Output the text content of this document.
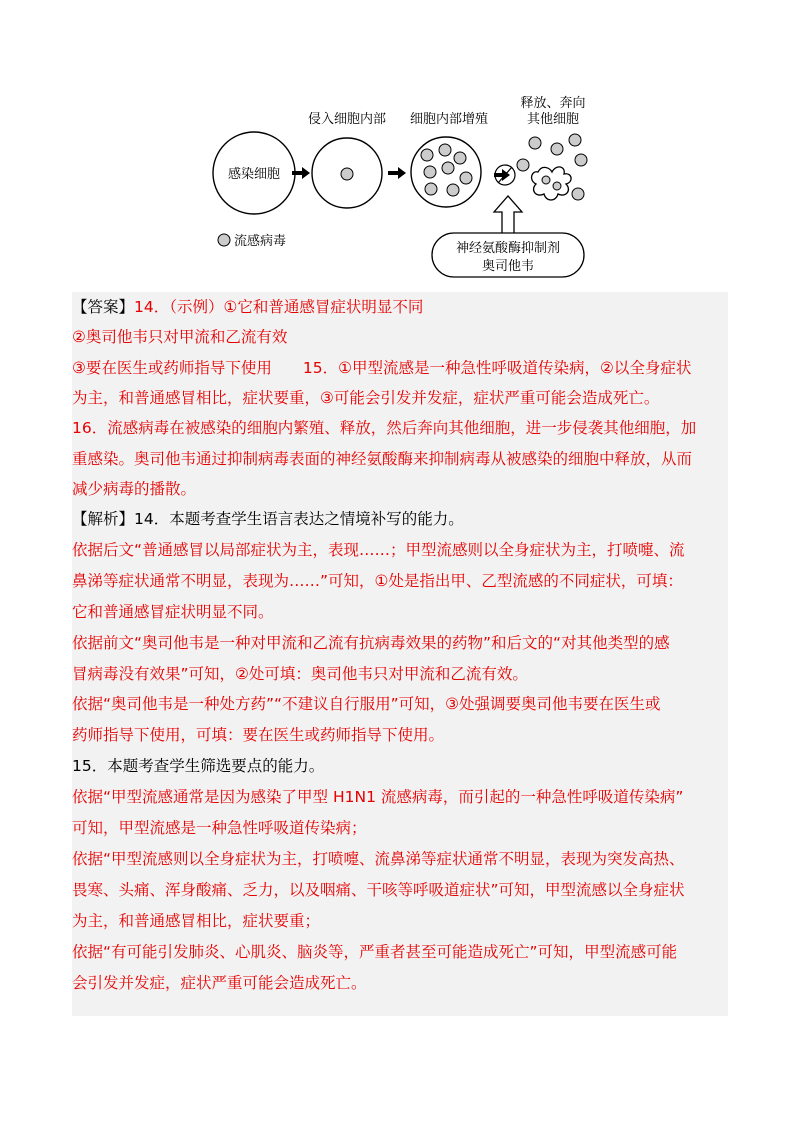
感染细胞
侵入细胞内部 细胞内部增殖
神经氨酸酶抑制剂
奥司他韦
释放、奔向
其他细胞
流感病毒
【答案】14．（示例）①它和普通感冒症状明显不同
②奥司他韦只对甲流和乙流有效
③要在医生或药师指导下使用　　15．①甲型流感是一种急性呼吸道传染病，②以全身症状
为主，和普通感冒相比，症状要重，③可能会引发并发症，症状严重可能会造成死亡。
16．流感病毒在被感染的细胞内繁殖、释放，然后奔向其他细胞，进一步侵袭其他细胞，加
重感染。奥司他韦通过抑制病毒表面的神经氨酸酶来抑制病毒从被感染的细胞中释放，从而
减少病毒的播散。
【解析】14．本题考查学生语言表达之情境补写的能力。
依据后文“普通感冒以局部症状为主，表现……；甲型流感则以全身症状为主，打喷嚏、流
鼻涕等症状通常不明显，表现为……”可知，①处是指出甲、乙型流感的不同症状，可填：
它和普通感冒症状明显不同。
依据前文“奥司他韦是一种对甲流和乙流有抗病毒效果的药物”和后文的“对其他类型的感
冒病毒没有效果”可知，②处可填：奥司他韦只对甲流和乙流有效。
依据“奥司他韦是一种处方药”“不建议自行服用”可知，③处强调要奥司他韦要在医生或
药师指导下使用，可填：要在医生或药师指导下使用。
15．本题考查学生筛选要点的能力。
依据“甲型流感通常是因为感染了甲型 H1N1 流感病毒，而引起的一种急性呼吸道传染病”
可知，甲型流感是一种急性呼吸道传染病；
依据“甲型流感则以全身症状为主，打喷嚏、流鼻涕等症状通常不明显，表现为突发高热、
畏寒、头痛、浑身酸痛、乏力，以及咽痛、干咳等呼吸道症状”可知，甲型流感以全身症状
为主，和普通感冒相比，症状要重；
依据“有可能引发肺炎、心肌炎、脑炎等，严重者甚至可能造成死亡”可知，甲型流感可能
会引发并发症，症状严重可能会造成死亡。
